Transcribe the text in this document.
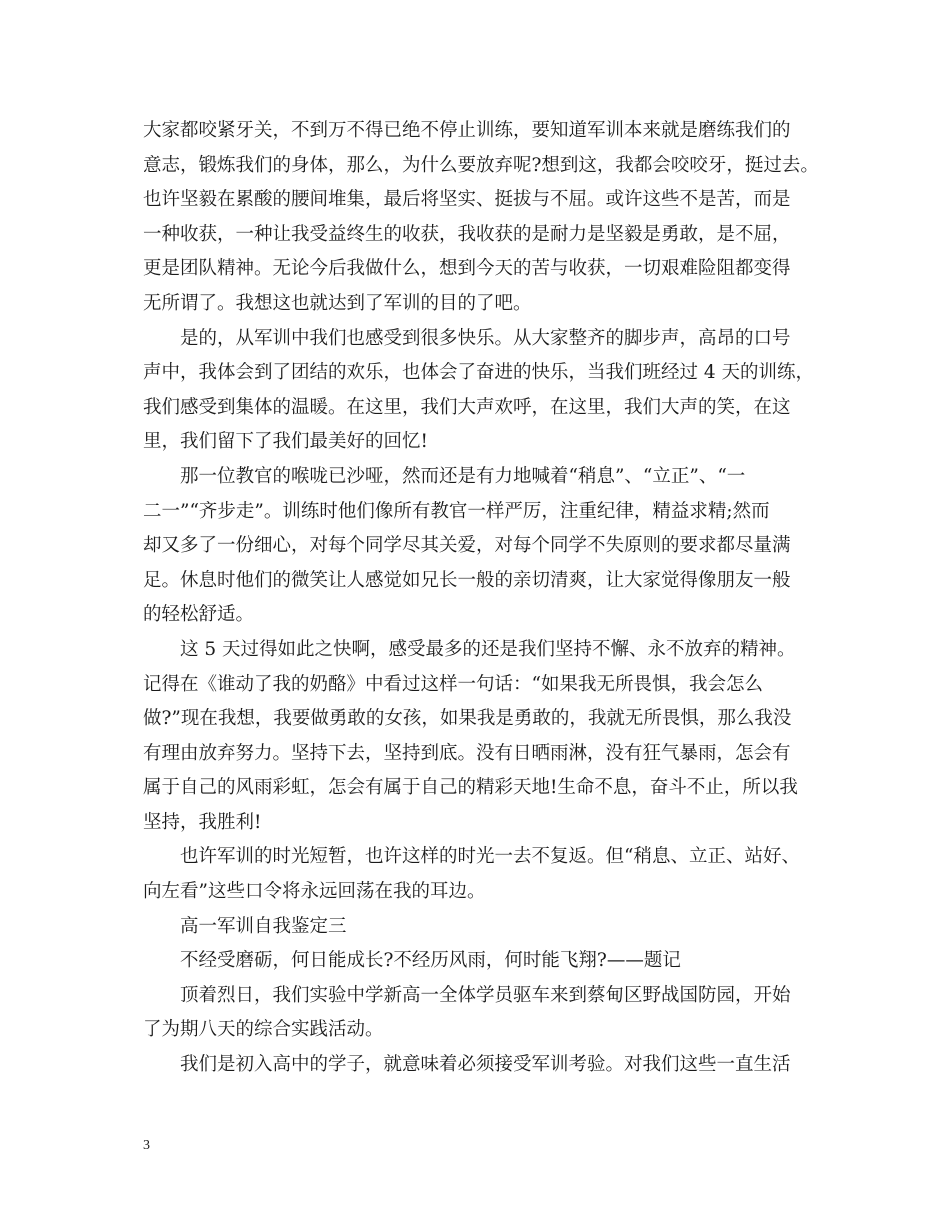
大家都咬紧牙关，不到万不得已绝不停止训练，要知道军训本来就是磨练我们的
意志，锻炼我们的身体，那么，为什么要放弃呢?想到这，我都会咬咬牙，挺过去。
也许坚毅在累酸的腰间堆集，最后将坚实、挺拔与不屈。或许这些不是苦，而是
一种收获，一种让我受益终生的收获，我收获的是耐力是坚毅是勇敢，是不屈，
更是团队精神。无论今后我做什么，想到今天的苦与收获，一切艰难险阻都变得
无所谓了。我想这也就达到了军训的目的了吧。
是的，从军训中我们也感受到很多快乐。从大家整齐的脚步声，高昂的口号
声中，我体会到了团结的欢乐，也体会了奋进的快乐，当我们班经过 4 天的训练，
我们感受到集体的温暖。在这里，我们大声欢呼，在这里，我们大声的笑，在这
里，我们留下了我们最美好的回忆!
那一位教官的喉咙已沙哑，然而还是有力地喊着“稍息”、“立正”、“一
二一”“齐步走”。训练时他们像所有教官一样严厉，注重纪律，精益求精;然而
却又多了一份细心，对每个同学尽其关爱，对每个同学不失原则的要求都尽量满
足。休息时他们的微笑让人感觉如兄长一般的亲切清爽，让大家觉得像朋友一般
的轻松舒适。
这 5 天过得如此之快啊，感受最多的还是我们坚持不懈、永不放弃的精神。
记得在《谁动了我的奶酪》中看过这样一句话：“如果我无所畏惧，我会怎么
做?”现在我想，我要做勇敢的女孩，如果我是勇敢的，我就无所畏惧，那么我没
有理由放弃努力。坚持下去，坚持到底。没有日晒雨淋，没有狂气暴雨，怎会有
属于自己的风雨彩虹，怎会有属于自己的精彩天地!生命不息，奋斗不止，所以我
坚持，我胜利!
也许军训的时光短暂，也许这样的时光一去不复返。但“稍息、立正、站好、
向左看”这些口令将永远回荡在我的耳边。
高一军训自我鉴定三
不经受磨砺，何日能成长?不经历风雨，何时能飞翔?——题记
顶着烈日，我们实验中学新高一全体学员驱车来到蔡甸区野战国防园，开始
了为期八天的综合实践活动。
我们是初入高中的学子，就意味着必须接受军训考验。对我们这些一直生活
3
